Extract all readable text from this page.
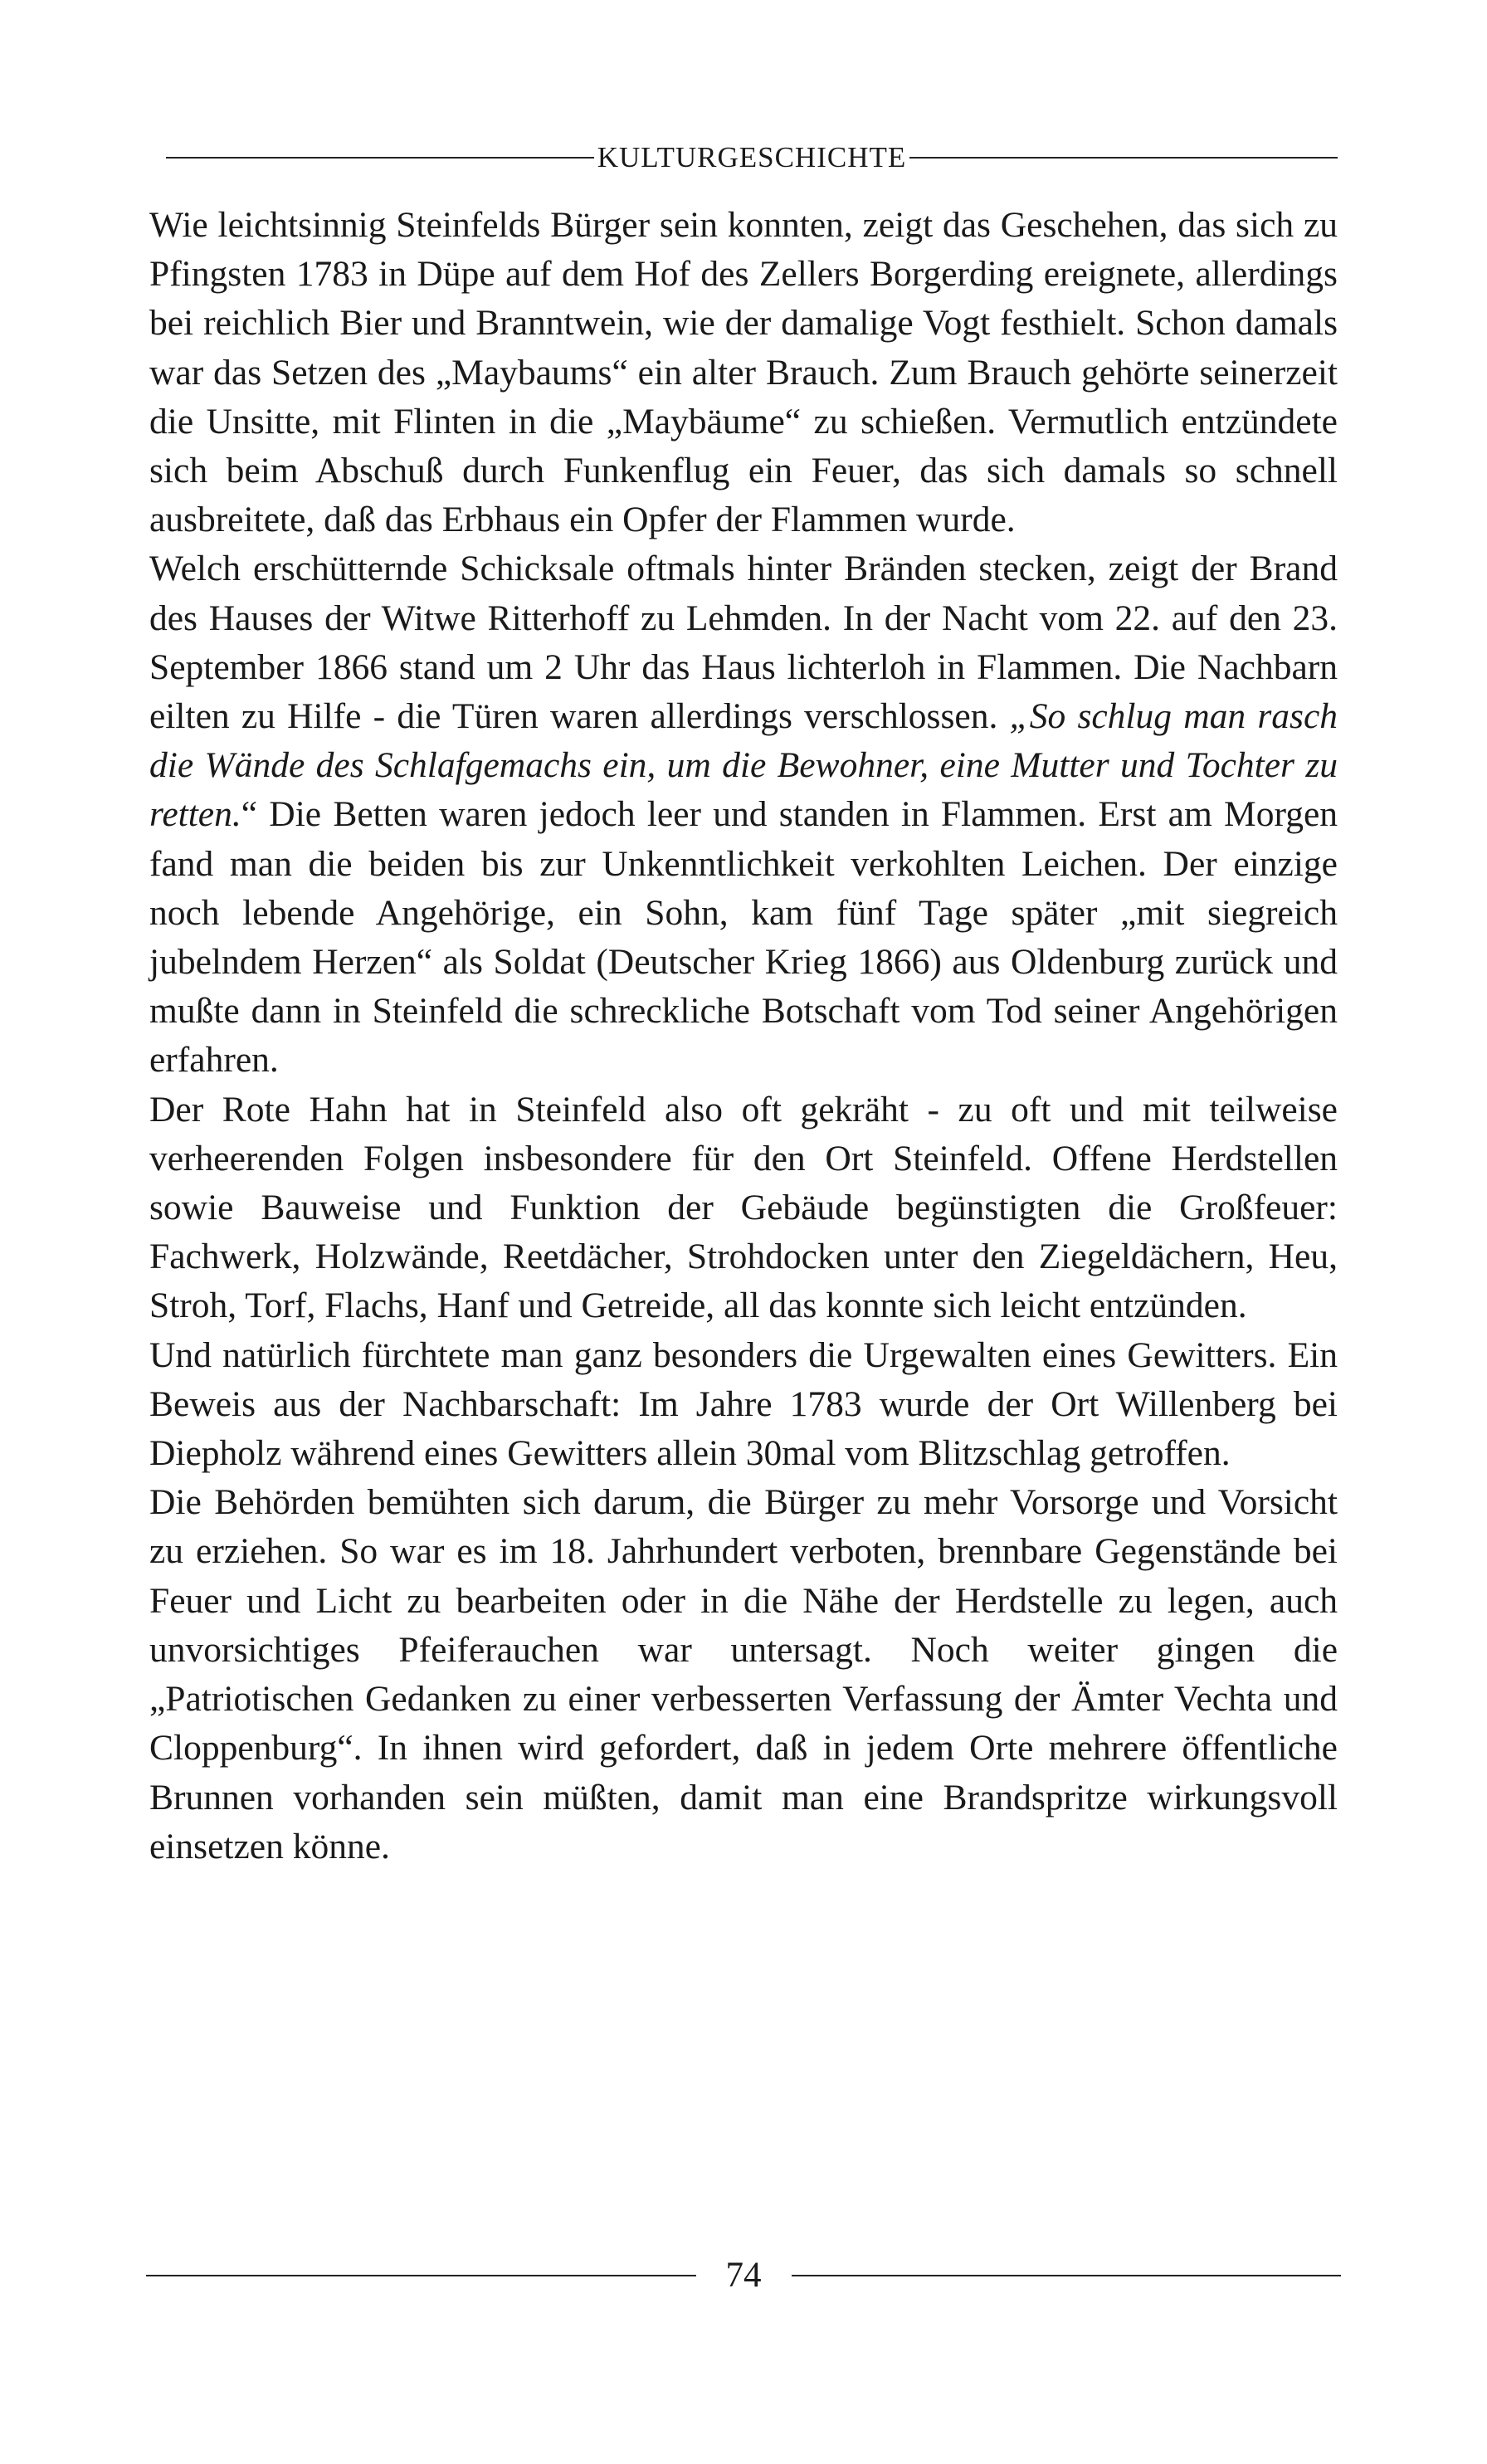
KULTURGESCHICHTE

Wie leichtsinnig Steinfelds Bürger sein konnten, zeigt das Geschehen, das sich zu Pfingsten 1783 in Düpe auf dem Hof des Zellers Borgerding ereignete, allerdings bei reichlich Bier und Branntwein, wie der damalige Vogt festhielt. Schon damals war das Setzen des „Maybaums“ ein alter Brauch. Zum Brauch gehörte seinerzeit die Unsitte, mit Flinten in die „Maybäume“ zu schießen. Vermutlich entzündete sich beim Abschuß durch Funkenflug ein Feuer, das sich damals so schnell ausbreitete, daß das Erbhaus ein Opfer der Flammen wurde.

Welch erschütternde Schicksale oftmals hinter Bränden stecken, zeigt der Brand des Hauses der Witwe Ritterhoff zu Lehmden. In der Nacht vom 22. auf den 23. September 1866 stand um 2 Uhr das Haus lichterloh in Flammen. Die Nachbarn eilten zu Hilfe - die Türen waren allerdings verschlossen. „So schlug man rasch die Wände des Schlafgemachs ein, um die Bewohner, eine Mutter und Tochter zu retten.“ Die Betten waren jedoch leer und standen in Flammen. Erst am Morgen fand man die beiden bis zur Unkenntlichkeit verkohlten Leichen. Der einzige noch lebende Angehörige, ein Sohn, kam fünf Tage später „mit siegreich jubelndem Herzen“ als Soldat (Deutscher Krieg 1866) aus Oldenburg zurück und mußte dann in Steinfeld die schreckliche Botschaft vom Tod seiner Angehörigen erfahren.

Der Rote Hahn hat in Steinfeld also oft gekräht - zu oft und mit teilweise verheerenden Folgen insbesondere für den Ort Steinfeld. Offene Herdstellen sowie Bauweise und Funktion der Gebäude begünstigten die Großfeuer: Fachwerk, Holzwände, Reetdächer, Strohdocken unter den Ziegeldächern, Heu, Stroh, Torf, Flachs, Hanf und Getreide, all das konnte sich leicht entzünden.

Und natürlich fürchtete man ganz besonders die Urgewalten eines Gewitters. Ein Beweis aus der Nachbarschaft: Im Jahre 1783 wurde der Ort Willenberg bei Diepholz während eines Gewitters allein 30mal vom Blitzschlag getroffen.

Die Behörden bemühten sich darum, die Bürger zu mehr Vorsorge und Vorsicht zu erziehen. So war es im 18. Jahrhundert verboten, brennbare Gegenstände bei Feuer und Licht zu bearbeiten oder in die Nähe der Herdstelle zu legen, auch unvorsichtiges Pfeiferauchen war untersagt. Noch weiter gingen die „Patriotischen Gedanken zu einer verbesserten Verfassung der Ämter Vechta und Cloppenburg“. In ihnen wird gefordert, daß in jedem Orte mehrere öffentliche Brunnen vorhanden sein müßten, damit man eine Brandspritze wirkungsvoll einsetzen könne.

74
